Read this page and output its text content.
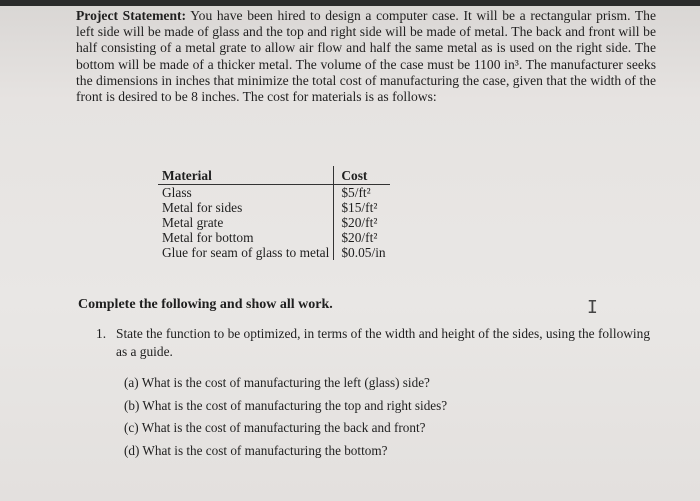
Project Statement: You have been hired to design a computer case. It will be a rectangular prism. The left side will be made of glass and the top and right side will be made of metal. The back and front will be half consisting of a metal grate to allow air flow and half the same metal as is used on the right side. The bottom will be made of a thicker metal. The volume of the case must be 1100 in³. The manufacturer seeks the dimensions in inches that minimize the total cost of manufacturing the case, given that the width of the front is desired to be 8 inches. The cost for materials is as follows:

Material	Cost
Glass	$5/ft²
Metal for sides	$15/ft²
Metal grate	$20/ft²
Metal for bottom	$20/ft²
Glue for seam of glass to metal	$0.05/in
Complete the following and show all work.	I
1. State the function to be optimized, in terms of the width and height of the sides, using the following as a guide.
(a) What is the cost of manufacturing the left (glass) side?
(b) What is the cost of manufacturing the top and right sides?
(c) What is the cost of manufacturing the back and front?
(d) What is the cost of manufacturing the bottom?
